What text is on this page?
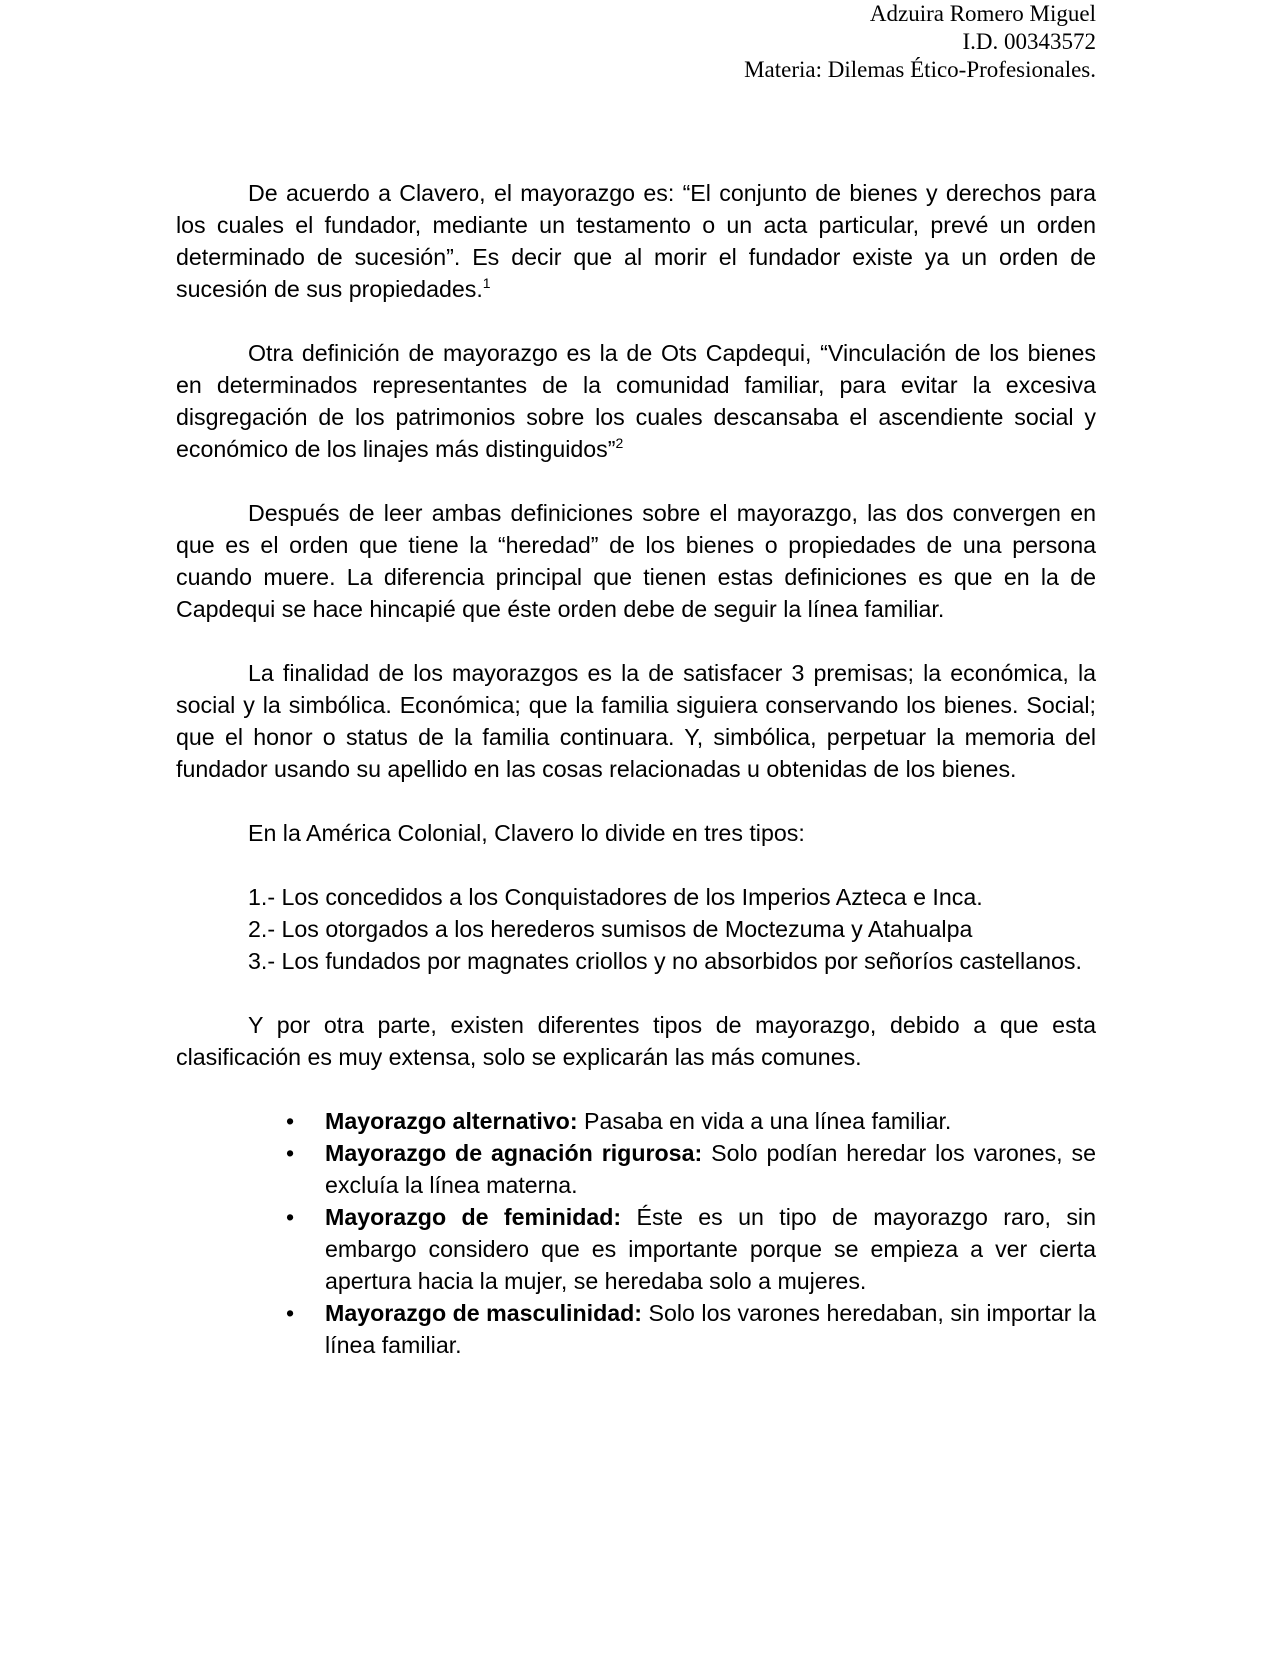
Adzuira Romero Miguel
I.D. 00343572
Materia: Dilemas Ético-Profesionales.

De acuerdo a Clavero, el mayorazgo es: “El conjunto de bienes y derechos para los cuales el fundador, mediante un testamento o un acta particular, prevé un orden determinado de sucesión”. Es decir que al morir el fundador existe ya un orden de sucesión de sus propiedades.$^1$

Otra definición de mayorazgo es la de Ots Capdequi, “Vinculación de los bienes en determinados representantes de la comunidad familiar, para evitar la excesiva disgregación de los patrimonios sobre los cuales descansaba el ascendiente social y económico de los linajes más distinguidos”$^2$

Después de leer ambas definiciones sobre el mayorazgo, las dos convergen en que es el orden que tiene la “heredad” de los bienes o propiedades de una persona cuando muere. La diferencia principal que tienen estas definiciones es que en la de Capdequi se hace hincapié que éste orden debe de seguir la línea familiar.

La finalidad de los mayorazgos es la de satisfacer 3 premisas; la económica, la social y la simbólica. Económica; que la familia siguiera conservando los bienes. Social; que el honor o status de la familia continuara. Y, simbólica, perpetuar la memoria del fundador usando su apellido en las cosas relacionadas u obtenidas de los bienes.

En la América Colonial, Clavero lo divide en tres tipos:

1.- Los concedidos a los Conquistadores de los Imperios Azteca e Inca.
2.- Los otorgados a los herederos sumisos de Moctezuma y Atahualpa
3.- Los fundados por magnates criollos y no absorbidos por señoríos castellanos.

Y por otra parte, existen diferentes tipos de mayorazgo, debido a que esta clasificación es muy extensa, solo se explicarán las más comunes.

• Mayorazgo alternativo: Pasaba en vida a una línea familiar.
• Mayorazgo de agnación rigurosa: Solo podían heredar los varones, se excluía la línea materna.
• Mayorazgo de feminidad: Éste es un tipo de mayorazgo raro, sin embargo considero que es importante porque se empieza a ver cierta apertura hacia la mujer, se heredaba solo a mujeres.
• Mayorazgo de masculinidad: Solo los varones heredaban, sin importar la línea familiar.
